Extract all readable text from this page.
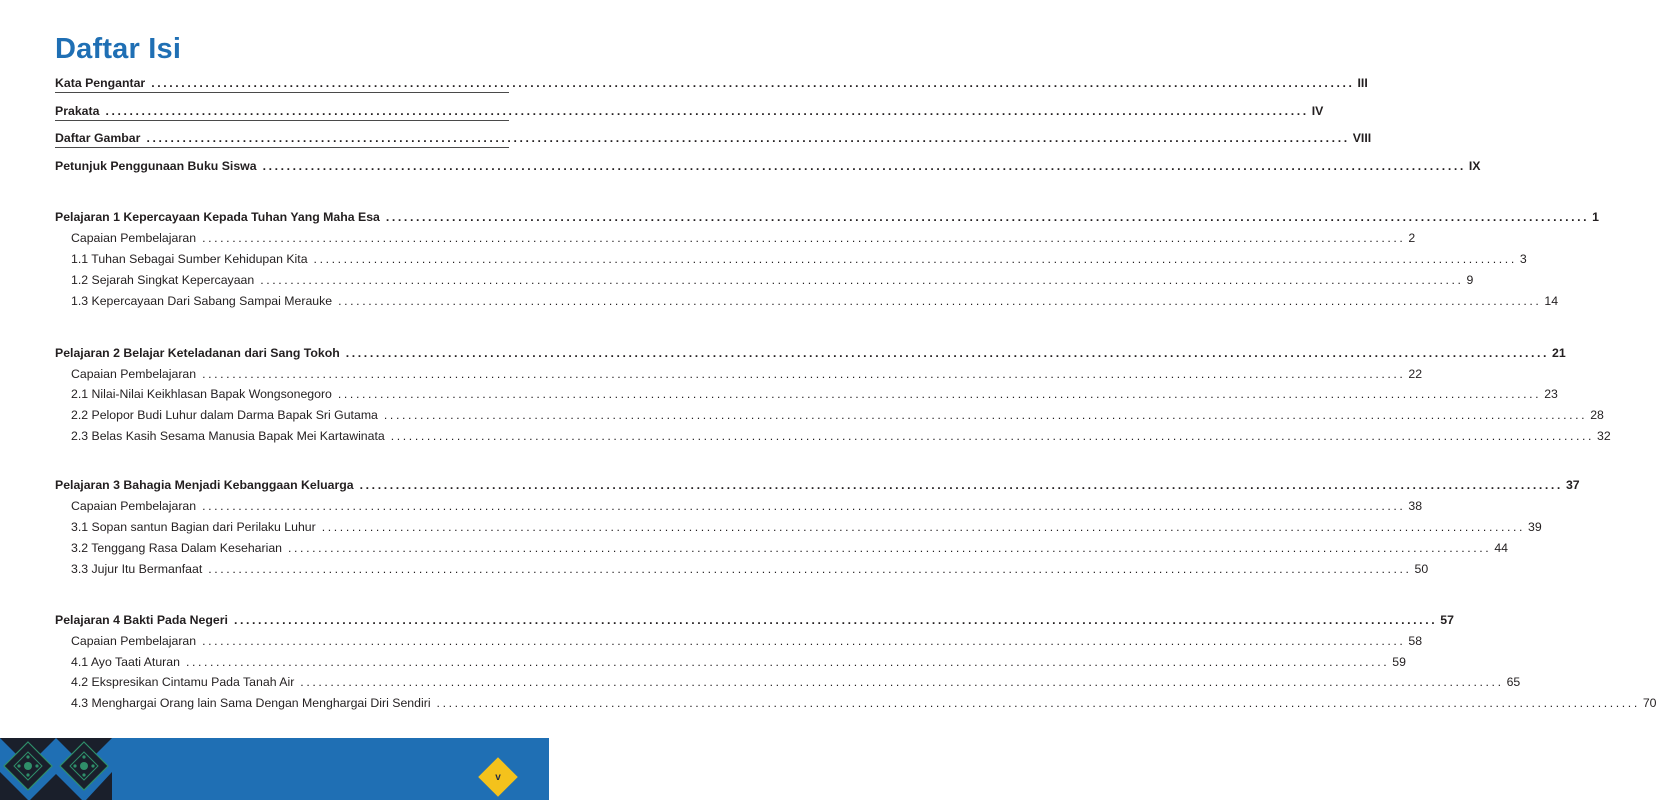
Daftar Isi
Kata Pengantar ........................................................................................................................................................................................................ III
Prakata ........................................................................................................................................................................................................ IV
Daftar Gambar ........................................................................................................................................................................................................ VIII
Petunjuk Penggunaan Buku Siswa ........................................................................................................................................................................................................ IX
Pelajaran 1 Kepercayaan Kepada Tuhan Yang Maha Esa ........................................................................................................................................................................................................ 1
Capaian Pembelajaran ........................................................................................................................................................................................................ 2
1.1 Tuhan Sebagai Sumber Kehidupan Kita ........................................................................................................................................................................................................ 3
1.2 Sejarah Singkat Kepercayaan ........................................................................................................................................................................................................ 9
1.3 Kepercayaan Dari Sabang Sampai Merauke ........................................................................................................................................................................................................ 14
Pelajaran 2 Belajar Keteladanan dari Sang Tokoh ........................................................................................................................................................................................................ 21
Capaian Pembelajaran ........................................................................................................................................................................................................ 22
2.1 Nilai-Nilai Keikhlasan Bapak Wongsonegoro ........................................................................................................................................................................................................ 23
2.2 Pelopor Budi Luhur dalam Darma Bapak Sri Gutama ........................................................................................................................................................................................................ 28
2.3 Belas Kasih Sesama Manusia Bapak Mei Kartawinata ........................................................................................................................................................................................................ 32
Pelajaran 3 Bahagia Menjadi Kebanggaan Keluarga ........................................................................................................................................................................................................ 37
Capaian Pembelajaran ........................................................................................................................................................................................................ 38
3.1 Sopan santun Bagian dari Perilaku Luhur ........................................................................................................................................................................................................ 39
3.2 Tenggang Rasa Dalam Keseharian ........................................................................................................................................................................................................ 44
3.3 Jujur Itu Bermanfaat ........................................................................................................................................................................................................ 50
Pelajaran 4 Bakti Pada Negeri ........................................................................................................................................................................................................ 57
Capaian Pembelajaran ........................................................................................................................................................................................................ 58
4.1 Ayo Taati Aturan ........................................................................................................................................................................................................ 59
4.2 Ekspresikan Cintamu Pada Tanah Air ........................................................................................................................................................................................................ 65
4.3 Menghargai Orang lain Sama Dengan Menghargai Diri Sendiri ........................................................................................................................................................................................................ 70
v
